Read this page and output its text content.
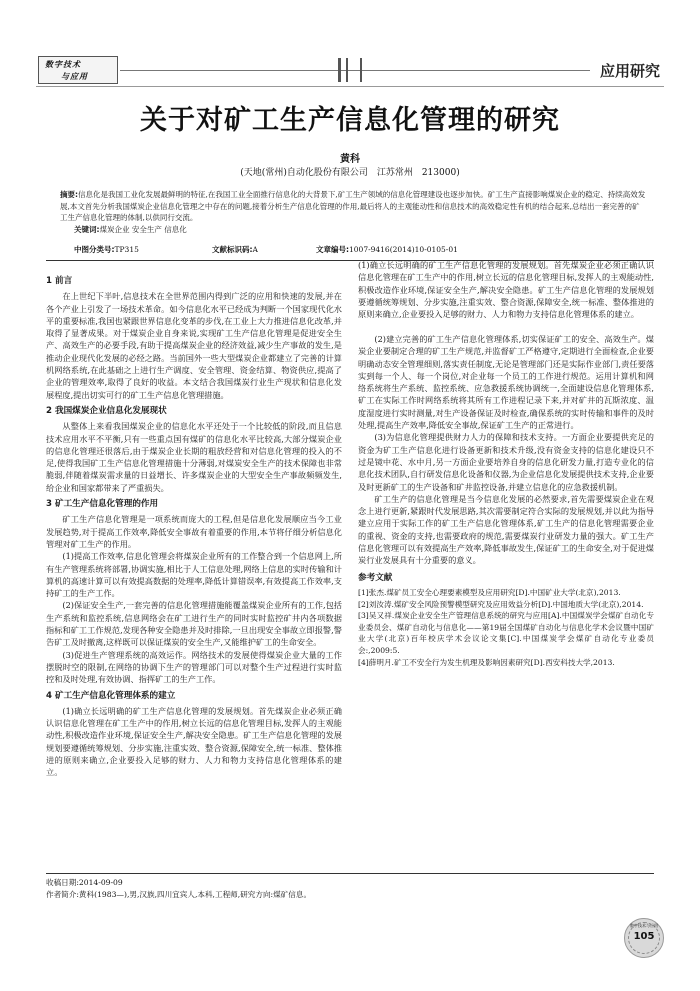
数字技术
与应用	应用研究
关于对矿工生产信息化管理的研究
黄科
(天地(常州)自动化股份有限公司　江苏常州　213000)
摘要:信息化是我国工业化发展最鲜明的特征,在我国工业全面推行信息化的大背景下,矿工生产领域的信息化管理建设也逐步加快。矿工生产直接影响煤炭企业的稳定、持续高效发展,本文首先分析我国煤炭企业信息化管理之中存在的问题,接着分析生产信息化管理的作用,最后将人的主观能动性和信息技术的高效稳定性有机的结合起来,总结出一套完善的矿工生产信息化管理的体制,以供同行交流。
关键词:煤炭企业 安全生产 信息化
中图分类号:TP315	文献标识码:A	文章编号:1007-9416(2014)10-0105-01
1 前言

在上世纪下半叶,信息技术在全世界范围内得到广泛的应用和快速的发展,并在各个产业上引发了一场技术革命。如今信息化水平已经成为判断一个国家现代化水平的重要标准,我国也紧跟世界信息化变革的步伐,在工业上大力推进信息化改革,并取得了显著成果。对于煤炭企业自身来说,实现矿工生产信息化管理是促进安全生产、高效生产的必要手段,有助于提高煤炭企业的经济效益,减少生产事故的发生,是推动企业现代化发展的必经之路。当前国外一些大型煤炭企业都建立了完善的计算机网络系统,在此基础之上进行生产调度、安全管理、资金结算、物资供应,提高了企业的管理效率,取得了良好的收益。本文结合我国煤炭行业生产现状和信息化发展程度,提出切实可行的矿工生产信息化管理措施。

2 我国煤炭企业信息化发展现状

从整体上来看我国煤炭企业的信息化水平还处于一个比较低的阶段,而且信息技术应用水平不平衡,只有一些重点国有煤矿的信息化水平比较高,大部分煤炭企业的信息化管理还很落后,由于煤炭企业长期的粗放经营和对信息化管理的投入的不足,使得我国矿工生产信息化管理措施十分薄弱,对煤炭安全生产的技术保障也非常脆弱,伴随着煤炭需求量的日益增长、许多煤炭企业的大型安全生产事故频频发生,给企业和国家都带来了严重损失。

3 矿工生产信息化管理的作用

矿工生产信息化管理是一项系统而庞大的工程,但是信息化发展顺应当今工业发展趋势,对于提高工作效率,降低安全事故有着重要的作用,本节将仔细分析信息化管理对矿工生产的作用。

(1)提高工作效率,信息化管理会将煤炭企业所有的工作整合到一个信息网上,所有生产管理系统将部署,协调实施,相比于人工信息处理,网络上信息的实时传输和计算机的高速计算可以有效提高数据的处理率,降低计算错误率,有效提高工作效率,支持矿工的生产工作。

(2)保证安全生产,一套完善的信息化管理措施能覆盖煤炭企业所有的工作,包括生产系统和监控系统,信息网络会在矿工进行生产的同时实时监控矿井内各项数据指标和矿工工作规范,发现各种安全隐患并及时排除,一旦出现安全事故立即报警,警告矿工及时撤离,这样既可以保证煤炭的安全生产,又能维护矿工的生命安全。

(3)促进生产管理系统的高效运作。网络技术的发展使得煤炭企业大量的工作摆脱时空的限制,在网络的协调下生产的管理部门可以对整个生产过程进行实时监控和及时处理,有效协调、指挥矿工的生产工作。

4 矿工生产信息化管理体系的建立

(1)确立长远明确的矿工生产信息化管理的发展规划。首先煤炭企业必须正确认识信息化管理在矿工生产中的作用,树立长远的信息化管理目标,发挥人的主观能动性,积极改造作业环境,保证安全生产,解决安全隐患。矿工生产信息化管理的发展规划要遵循统筹规划、分步实施,注重实效、整合资源,保障安全,统一标准、整体推进的原则来确立,企业要投入足够的财力、人力和物力支持信息化管理体系的建立。

(1)确立长远明确的矿工生产信息化管理的发展规划。首先煤炭企业必须正确认识信息化管理在矿工生产中的作用,树立长远的信息化管理目标,发挥人的主观能动性,积极改造作业环境,保证安全生产,解决安全隐患。矿工生产信息化管理的发展规划要遵循统筹规划、分步实施,注重实效、整合资源,保障安全,统一标准、整体推进的原则来确立,企业要投入足够的财力、人力和物力支持信息化管理体系的建立。

(2)建立完善的矿工生产信息化管理体系,切实保证矿工的安全、高效生产。煤炭企业要制定合理的矿工生产规范,并监督矿工严格遵守,定期进行全面检查,企业要明确动态安全管理细则,落实责任制度,无论是管理部门还是实际作业部门,责任要落实到每一个人、每一个岗位,对企业每一个员工的工作进行规范。运用计算机和网络系统将生产系统、监控系统、应急救援系统协调统一,全面建设信息化管理体系,矿工在实际工作时网络系统将其所有工作进程记录下来,并对矿井的瓦斯浓度、温度湿度进行实时测量,对生产设备保证及时检查,确保系统的实时传输和事件的及时处理,提高生产效率,降低安全事故,保证矿工生产的正常进行。

(3)为信息化管理提供财力人力的保障和技术支持。一方面企业要提供充足的资金为矿工生产信息化进行设备更新和技术升级,没有资金支持的信息化建设只不过是镜中花、水中月,另一方面企业要培养自身的信息化研发力量,打造专业化的信息化技术团队,自行研发信息化设备和仪器,为企业信息化发展提供技术支持,企业要及时更新矿工的生产设备和矿井监控设备,并建立信息化的应急救援机制。

矿工生产的信息化管理是当今信息化发展的必然要求,首先需要煤炭企业在观念上进行更新,紧跟时代发展思路,其次需要制定符合实际的发展规划,并以此为指导建立应用于实际工作的矿工生产信息化管理体系,矿工生产的信息化管理需要企业的重视、资金的支持,也需要政府的规范,需要煤炭行业研发力量的强大。矿工生产信息化管理可以有效提高生产效率,降低事故发生,保证矿工的生命安全,对于促进煤炭行业发展具有十分重要的意义。

参考文献

[1]张杰.煤矿员工安全心理要素模型及应用研究[D].中国矿业大学(北京),2013.

[2]刘汝涛.煤矿安全风险预警模型研究及应用效益分析[D].中国地质大学(北京),2014.

[3]吴又祥.煤炭企业安全生产管理信息系统的研究与应用[A].中国煤炭学会煤矿自动化专业委员会、煤矿自动化与信息化——第19届全国煤矿自动化与信息化学术会议暨中国矿业大学(北京)百年校庆学术会议论文集[C].中国煤炭学会煤矿自动化专业委员会:,2009:5.

[4]薛明月.矿工不安全行为发生机理及影响因素研究[D].西安科技大学,2013.

收稿日期:2014-09-09
作者简介:黄科(1983—),男,汉族,四川宜宾人,本科,工程师,研究方向:煤矿信息。
数字技术与应用
105
